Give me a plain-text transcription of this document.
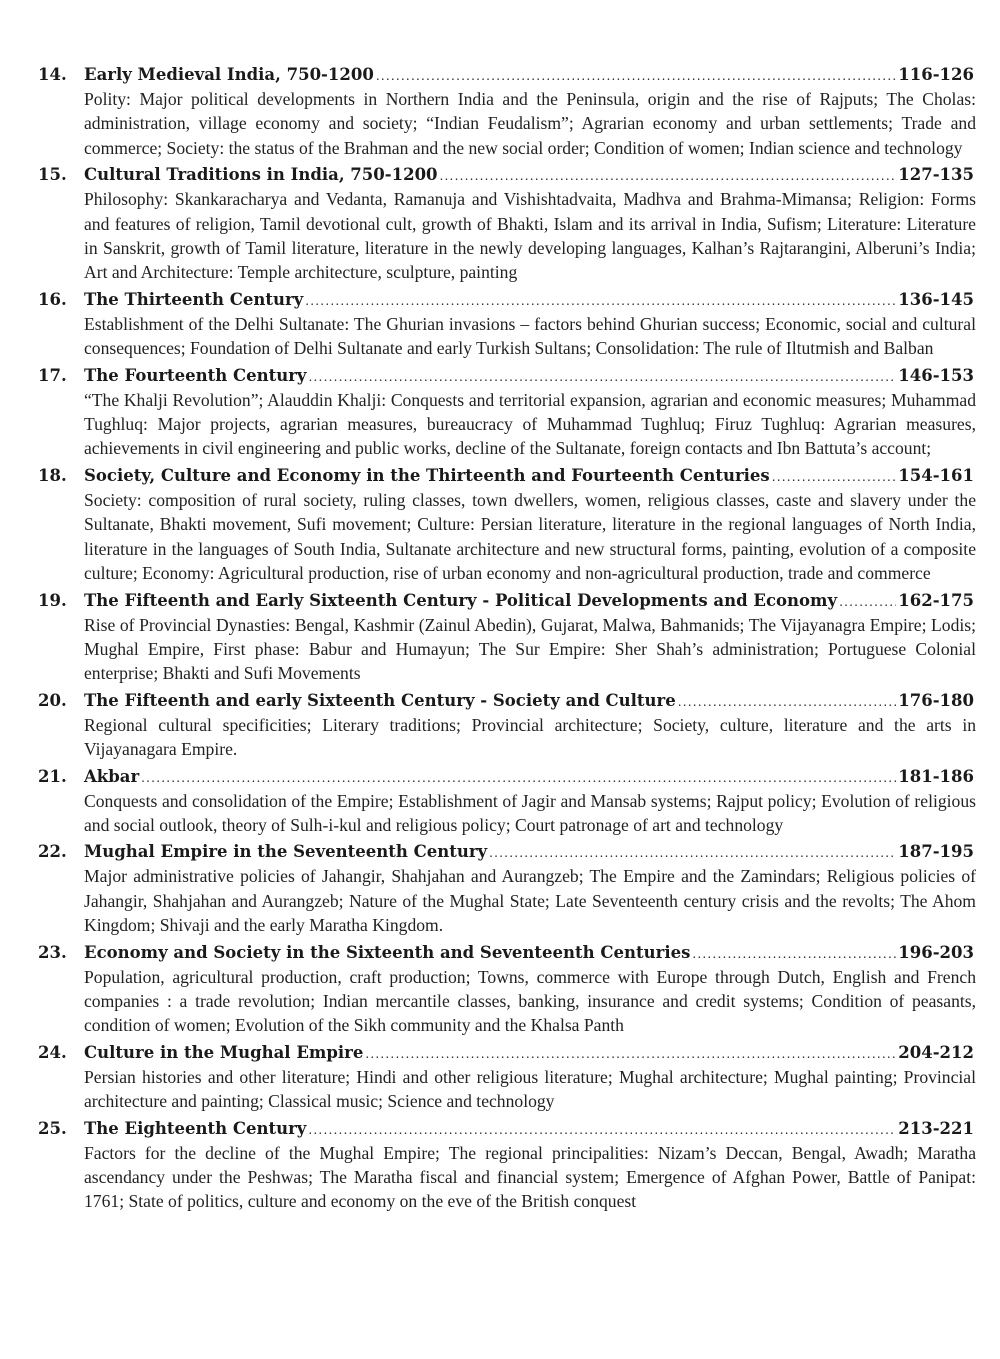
14.	Early Medieval India, 750-1200 .....	116-126
Polity: Major political developments in Northern India and the Peninsula, origin and the rise of Rajputs; The Cholas: administration, village economy and society; “Indian Feudalism”; Agrarian economy and urban settlements; Trade and commerce; Society: the status of the Brahman and the new social order; Condition of women; Indian science and technology
15.	Cultural Traditions in India, 750-1200 .....	127-135
Philosophy: Skankaracharya and Vedanta, Ramanuja and Vishishtadvaita, Madhva and Brahma-Mimansa; Religion: Forms and features of religion, Tamil devotional cult, growth of Bhakti, Islam and its arrival in India, Sufism; Literature: Literature in Sanskrit, growth of Tamil literature, literature in the newly developing languages, Kalhan’s Rajtarangini, Alberuni’s India; Art and Architecture: Temple architecture, sculpture, painting
16.	The Thirteenth Century .....	136-145
Establishment of the Delhi Sultanate: The Ghurian invasions – factors behind Ghurian success; Economic, social and cultural consequences; Foundation of Delhi Sultanate and early Turkish Sultans; Consolidation: The rule of Iltutmish and Balban
17.	The Fourteenth Century .....	146-153
“The Khalji Revolution”; Alauddin Khalji: Conquests and territorial expansion, agrarian and economic measures; Muhammad Tughluq: Major projects, agrarian measures, bureaucracy of Muhammad Tughluq; Firuz Tughluq: Agrarian measures, achievements in civil engineering and public works, decline of the Sultanate, foreign contacts and Ibn Battuta’s account;
18.	Society, Culture and Economy in the Thirteenth and Fourteenth Centuries .....	154-161
Society: composition of rural society, ruling classes, town dwellers, women, religious classes, caste and slavery under the Sultanate, Bhakti movement, Sufi movement; Culture: Persian literature, literature in the regional languages of North India, literature in the languages of South India, Sultanate architecture and new structural forms, painting, evolution of a composite culture; Economy: Agricultural production, rise of urban economy and non-agricultural production, trade and commerce
19.	The Fifteenth and Early Sixteenth Century - Political Developments and Economy .....	162-175
Rise of Provincial Dynasties: Bengal, Kashmir (Zainul Abedin), Gujarat, Malwa, Bahmanids; The Vijayanagra Empire; Lodis; Mughal Empire, First phase: Babur and Humayun; The Sur Empire: Sher Shah’s administration; Portuguese Colonial enterprise; Bhakti and Sufi Movements
20.	The Fifteenth and early Sixteenth Century - Society and Culture .....	176-180
Regional cultural specificities; Literary traditions; Provincial architecture; Society, culture, literature and the arts in Vijayanagara Empire.
21.	Akbar .....	181-186
Conquests and consolidation of the Empire; Establishment of Jagir and Mansab systems; Rajput policy; Evolution of religious and social outlook, theory of Sulh-i-kul and religious policy; Court patronage of art and technology
22.	Mughal Empire in the Seventeenth Century .....	187-195
Major administrative policies of Jahangir, Shahjahan and Aurangzeb; The Empire and the Zamindars; Religious policies of Jahangir, Shahjahan and Aurangzeb; Nature of the Mughal State; Late Seventeenth century crisis and the revolts; The Ahom Kingdom; Shivaji and the early Maratha Kingdom.
23.	Economy and Society in the Sixteenth and Seventeenth Centuries .....	196-203
Population, agricultural production, craft production; Towns, commerce with Europe through Dutch, English and French companies : a trade revolution; Indian mercantile classes, banking, insurance and credit systems; Condition of peasants, condition of women; Evolution of the Sikh community and the Khalsa Panth
24.	Culture in the Mughal Empire .....	204-212
Persian histories and other literature; Hindi and other religious literature; Mughal architecture; Mughal painting; Provincial architecture and painting; Classical music; Science and technology
25.	The Eighteenth Century .....	213-221
Factors for the decline of the Mughal Empire; The regional principalities: Nizam’s Deccan, Bengal, Awadh; Maratha ascendancy under the Peshwas; The Maratha fiscal and financial system; Emergence of Afghan Power, Battle of Panipat: 1761; State of politics, culture and economy on the eve of the British conquest
